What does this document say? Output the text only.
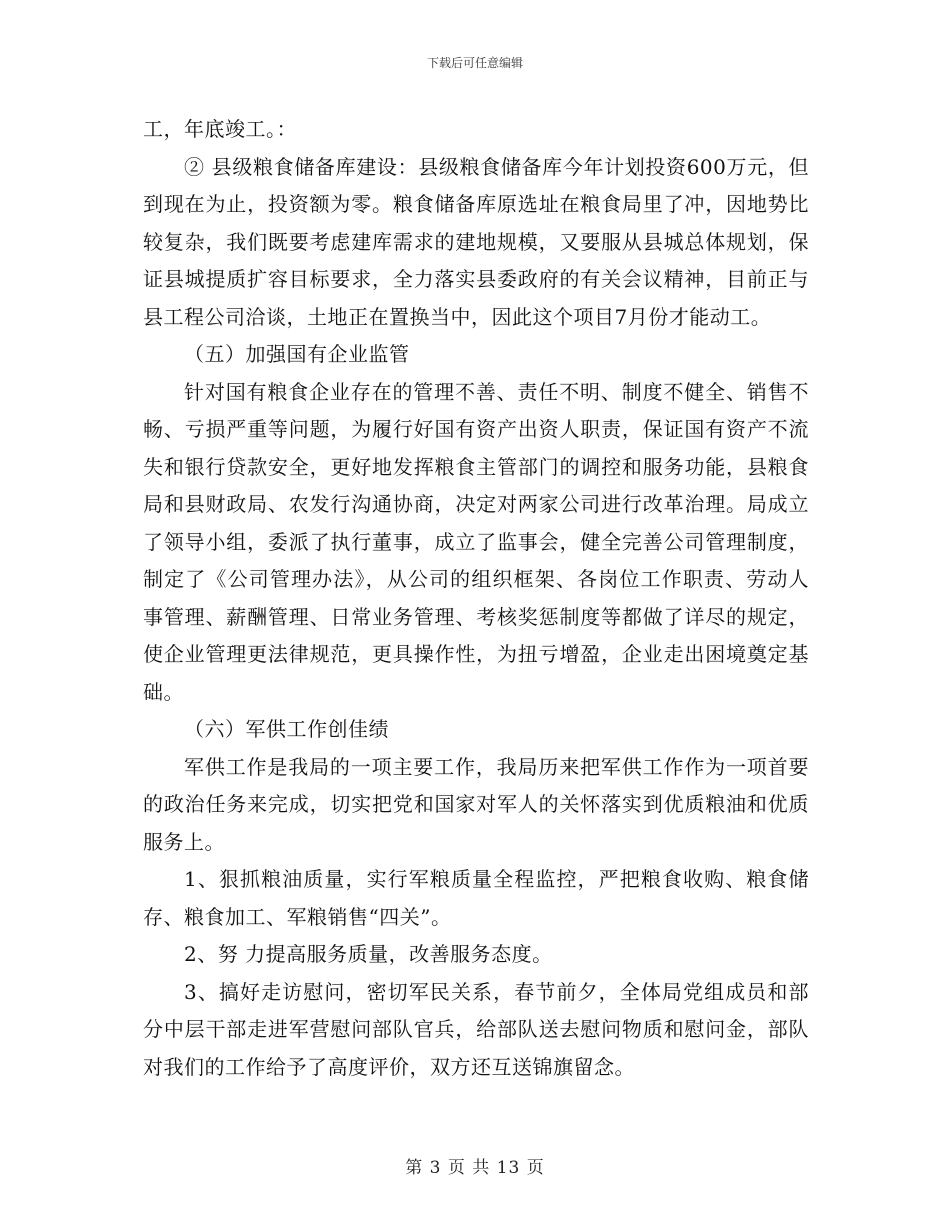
下载后可任意编辑

工，年底竣工。：

② 县级粮食储备库建设：县级粮食储备库今年计划投资600万元，但到现在为止，投资额为零。粮食储备库原选址在粮食局里了冲，因地势比较复杂，我们既要考虑建库需求的建地规模，又要服从县城总体规划，保证县城提质扩容目标要求，全力落实县委政府的有关会议精神，目前正与县工程公司洽谈，土地正在置换当中，因此这个项目7月份才能动工。

（五）加强国有企业监管

针对国有粮食企业存在的管理不善、责任不明、制度不健全、销售不畅、亏损严重等问题，为履行好国有资产出资人职责，保证国有资产不流失和银行贷款安全，更好地发挥粮食主管部门的调控和服务功能，县粮食局和县财政局、农发行沟通协商，决定对两家公司进行改革治理。局成立了领导小组，委派了执行董事，成立了监事会，健全完善公司管理制度，制定了《公司管理办法》，从公司的组织框架、各岗位工作职责、劳动人事管理、薪酬管理、日常业务管理、考核奖惩制度等都做了详尽的规定，使企业管理更法律规范，更具操作性，为扭亏增盈，企业走出困境奠定基础。

（六）军供工作创佳绩

军供工作是我局的一项主要工作，我局历来把军供工作作为一项首要的政治任务来完成，切实把党和国家对军人的关怀落实到优质粮油和优质服务上。

1、狠抓粮油质量，实行军粮质量全程监控，严把粮食收购、粮食储存、粮食加工、军粮销售“四关”。

2、努 力提高服务质量，改善服务态度。

3、搞好走访慰问，密切军民关系，春节前夕，全体局党组成员和部分中层干部走进军营慰问部队官兵，给部队送去慰问物质和慰问金，部队对我们的工作给予了高度评价，双方还互送锦旗留念。

第 3 页 共 13 页
